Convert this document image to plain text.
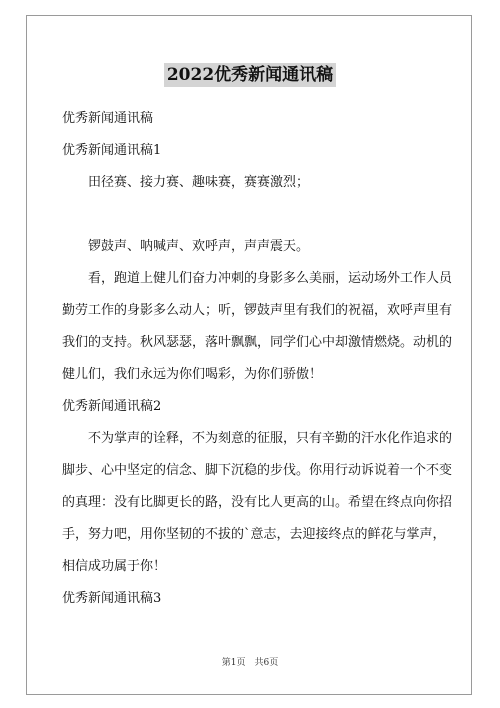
2022优秀新闻通讯稿

优秀新闻通讯稿

优秀新闻通讯稿1

　　田径赛、接力赛、趣味赛，赛赛激烈；

　　锣鼓声、呐喊声、欢呼声，声声震天。

　　看，跑道上健儿们奋力冲刺的身影多么美丽，运动场外工作人员

勤劳工作的身影多么动人；听，锣鼓声里有我们的祝福，欢呼声里有

我们的支持。秋风瑟瑟，落叶飘飘，同学们心中却激情燃烧。动机的

健儿们，我们永远为你们喝彩，为你们骄傲！

优秀新闻通讯稿2

　　不为掌声的诠释，不为刻意的征服，只有辛勤的汗水化作追求的

脚步、心中坚定的信念、脚下沉稳的步伐。你用行动诉说着一个不变

的真理：没有比脚更长的路，没有比人更高的山。希望在终点向你招

手，努力吧，用你坚韧的不拔的`意志，去迎接终点的鲜花与掌声，

相信成功属于你！

优秀新闻通讯稿3

第1页　共6页
